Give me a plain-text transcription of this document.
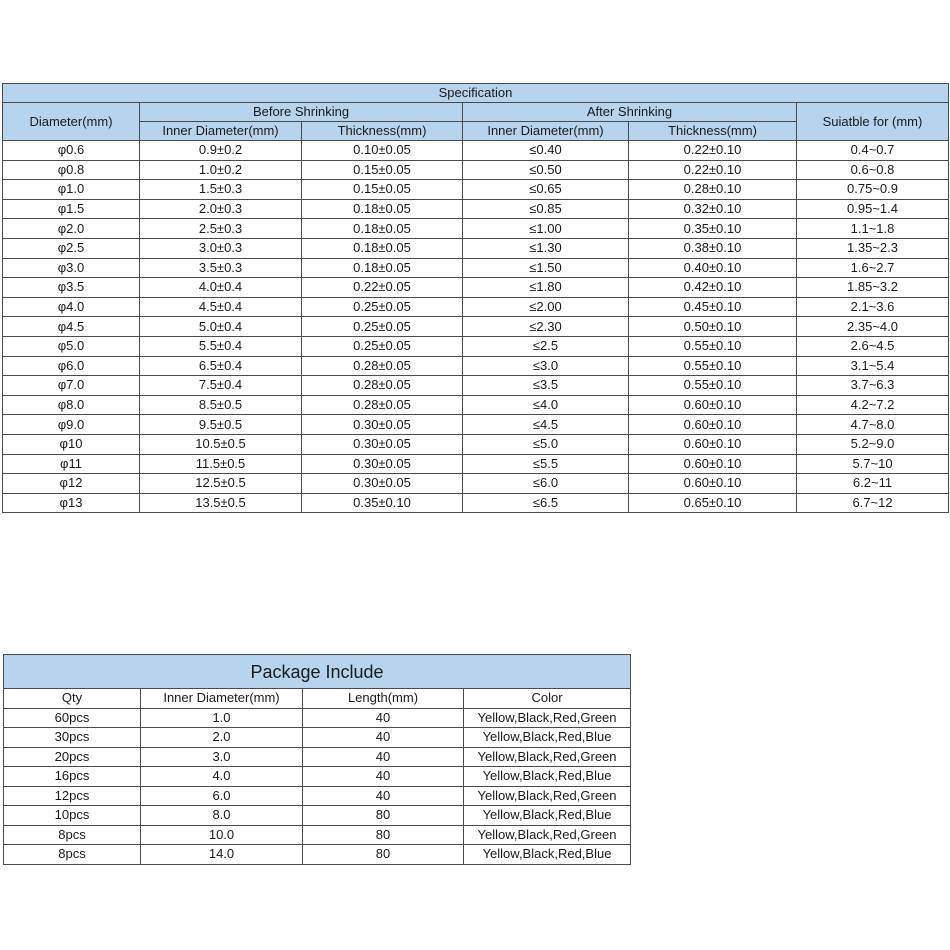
Specification					
Diameter(mm)	Before Shrinking		After Shrinking		Suiatble for (mm)
	Inner Diameter(mm)	Thickness(mm)	Inner Diameter(mm)	Thickness(mm)	
φ0.6	0.9±0.2	0.10±0.05	≤0.40	0.22±0.10	0.4~0.7
φ0.8	1.0±0.2	0.15±0.05	≤0.50	0.22±0.10	0.6~0.8
φ1.0	1.5±0.3	0.15±0.05	≤0.65	0.28±0.10	0.75~0.9
φ1.5	2.0±0.3	0.18±0.05	≤0.85	0.32±0.10	0.95~1.4
φ2.0	2.5±0.3	0.18±0.05	≤1.00	0.35±0.10	1.1~1.8
φ2.5	3.0±0.3	0.18±0.05	≤1.30	0.38±0.10	1.35~2.3
φ3.0	3.5±0.3	0.18±0.05	≤1.50	0.40±0.10	1.6~2.7
φ3.5	4.0±0.4	0.22±0.05	≤1.80	0.42±0.10	1.85~3.2
φ4.0	4.5±0.4	0.25±0.05	≤2.00	0.45±0.10	2.1~3.6
φ4.5	5.0±0.4	0.25±0.05	≤2.30	0.50±0.10	2.35~4.0
φ5.0	5.5±0.4	0.25±0.05	≤2.5	0.55±0.10	2.6~4.5
φ6.0	6.5±0.4	0.28±0.05	≤3.0	0.55±0.10	3.1~5.4
φ7.0	7.5±0.4	0.28±0.05	≤3.5	0.55±0.10	3.7~6.3
φ8.0	8.5±0.5	0.28±0.05	≤4.0	0.60±0.10	4.2~7.2
φ9.0	9.5±0.5	0.30±0.05	≤4.5	0.60±0.10	4.7~8.0
φ10	10.5±0.5	0.30±0.05	≤5.0	0.60±0.10	5.2~9.0
φ11	11.5±0.5	0.30±0.05	≤5.5	0.60±0.10	5.7~10
φ12	12.5±0.5	0.30±0.05	≤6.0	0.60±0.10	6.2~11
φ13	13.5±0.5	0.35±0.10	≤6.5	0.65±0.10	6.7~12
Package Include			
Qty	Inner Diameter(mm)	Length(mm)	Color
60pcs	1.0	40	Yellow,Black,Red,Green
30pcs	2.0	40	Yellow,Black,Red,Blue
20pcs	3.0	40	Yellow,Black,Red,Green
16pcs	4.0	40	Yellow,Black,Red,Blue
12pcs	6.0	40	Yellow,Black,Red,Green
10pcs	8.0	80	Yellow,Black,Red,Blue
8pcs	10.0	80	Yellow,Black,Red,Green
8pcs	14.0	80	Yellow,Black,Red,Blue
